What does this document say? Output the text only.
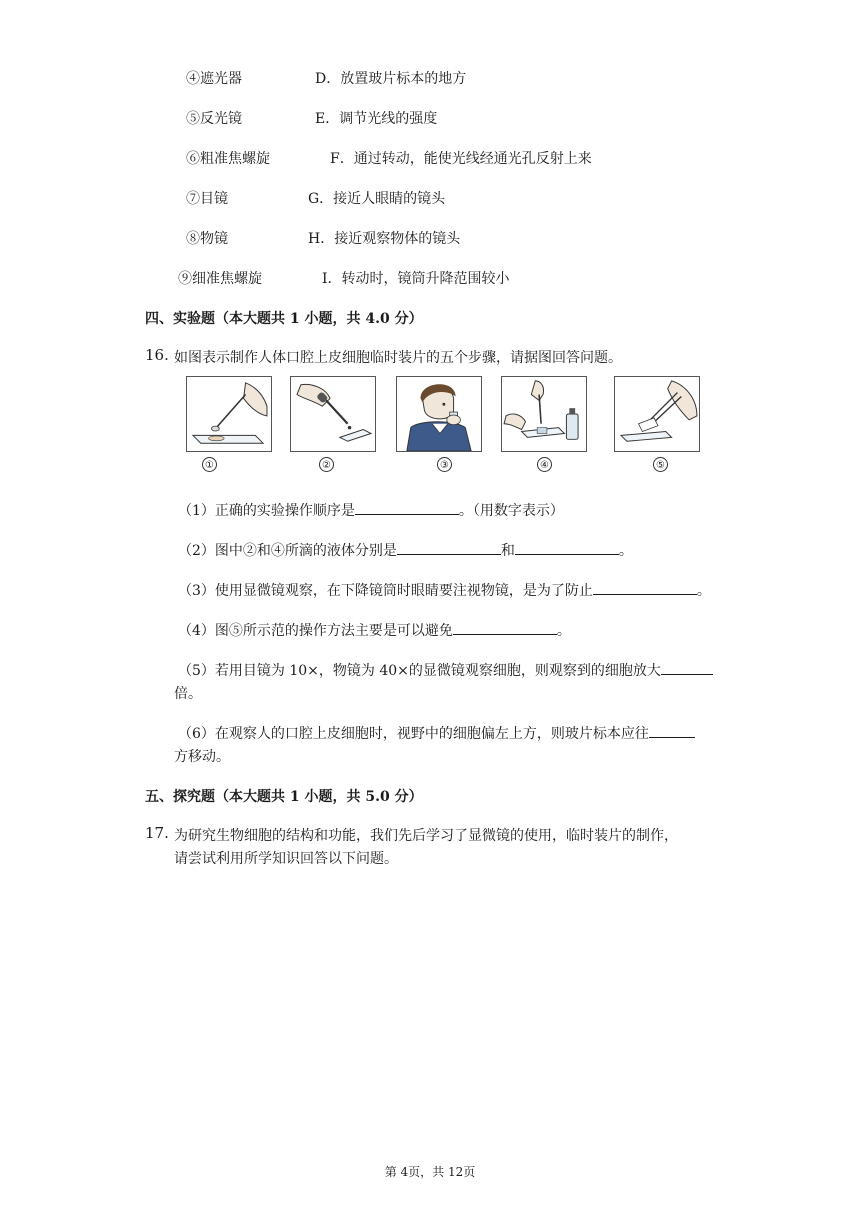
④遮光器	D．放置玻片标本的地方
⑤反光镜	E．调节光线的强度
⑥粗准焦螺旋	F．通过转动，能使光线经通光孔反射上来
⑦目镜	G．接近人眼睛的镜头
⑧物镜	H．接近观察物体的镜头
⑨细准焦螺旋	I．转动时，镜筒升降范围较小
四、实验题（本大题共 1 小题，共 4.0 分）
16. 如图表示制作人体口腔上皮细胞临时装片的五个步骤，请据图回答问题。
①	②	③	④	⑤
（1）正确的实验操作顺序是	。（用数字表示）
（2）图中②和④所滴的液体分别是	和	。
（3）使用显微镜观察，在下降镜筒时眼睛要注视物镜，是为了防止	。
（4）图⑤所示范的操作方法主要是可以避免	。
（5）若用目镜为 10×，物镜为 40×的显微镜观察细胞，则观察到的细胞放大
倍。
（6）在观察人的口腔上皮细胞时，视野中的细胞偏左上方，则玻片标本应往
方移动。
五、探究题（本大题共 1 小题，共 5.0 分）
17. 为研究生物细胞的结构和功能，我们先后学习了显微镜的使用，临时装片的制作，
请尝试利用所学知识回答以下问题。
第 4页，共 12页
